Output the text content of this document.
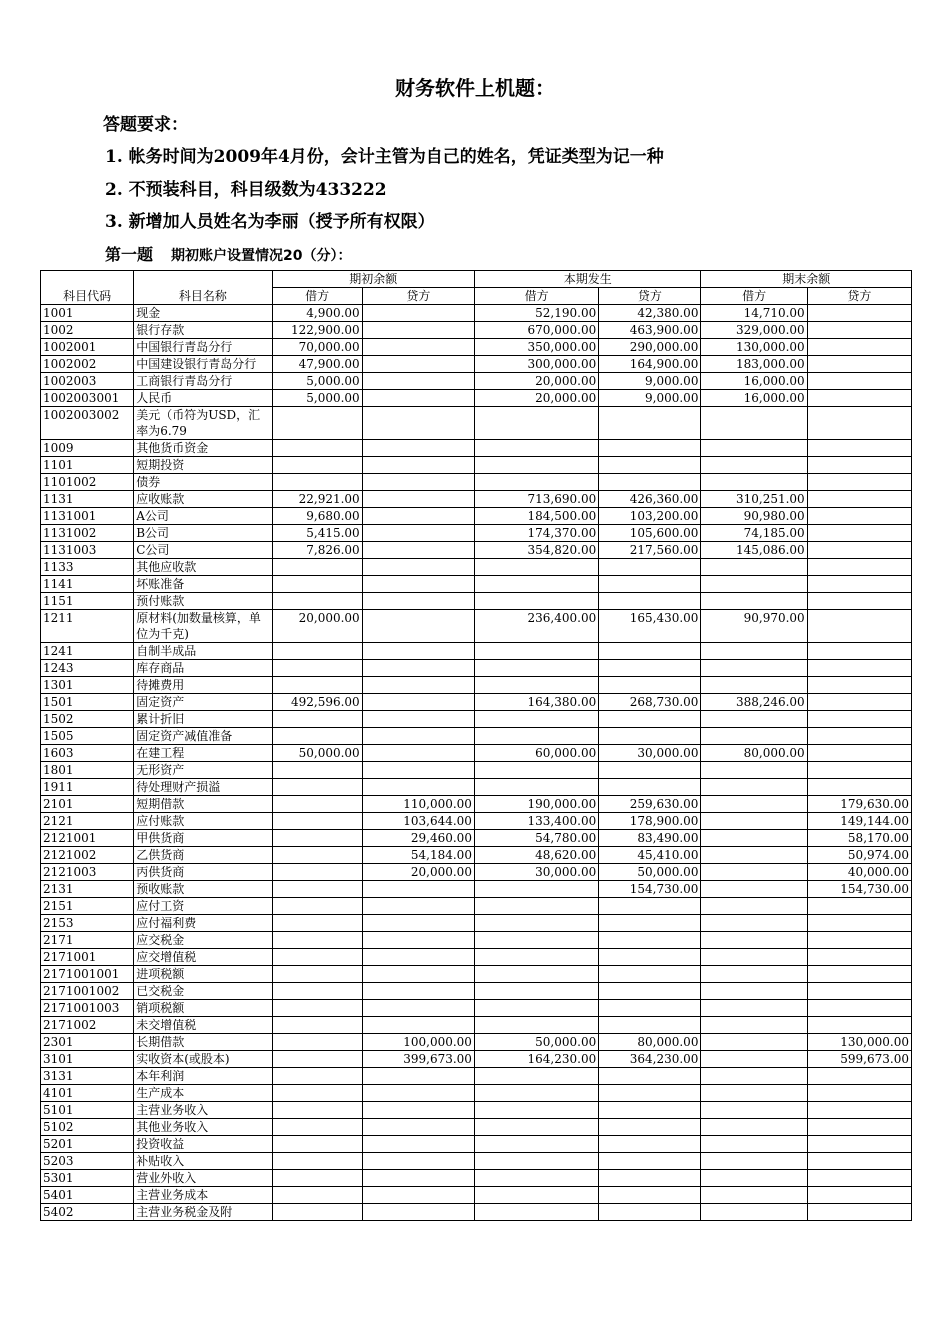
财务软件上机题：
答题要求：
1. 帐务时间为2009年4月份，会计主管为自己的姓名，凭证类型为记一种
2. 不预装科目，科目级数为433222
3. 新增加人员姓名为李丽（授予所有权限）
第一题 期初账户设置情况20（分）：
科目代码	科目名称	期初余额		本期发生		期末余额	
		借方	贷方	借方	贷方	借方	贷方
1001	现金	4,900.00		52,190.00	42,380.00	14,710.00	
1002	银行存款	122,900.00		670,000.00	463,900.00	329,000.00	
1002001	中国银行青岛分行	70,000.00		350,000.00	290,000.00	130,000.00	
1002002	中国建设银行青岛分行	47,900.00		300,000.00	164,900.00	183,000.00	
1002003	工商银行青岛分行	5,000.00		20,000.00	9,000.00	16,000.00	
1002003001	人民币	5,000.00		20,000.00	9,000.00	16,000.00	
1002003002	美元（币符为USD，汇率为6.79						
1009	其他货币资金						
1101	短期投资						
1101002	债券						
1131	应收账款	22,921.00		713,690.00	426,360.00	310,251.00	
1131001	A公司	9,680.00		184,500.00	103,200.00	90,980.00	
1131002	B公司	5,415.00		174,370.00	105,600.00	74,185.00	
1131003	C公司	7,826.00		354,820.00	217,560.00	145,086.00	
1133	其他应收款						
1141	坏账准备						
1151	预付账款						
1211	原材料(加数量核算，单位为千克)	20,000.00		236,400.00	165,430.00	90,970.00	
1241	自制半成品						
1243	库存商品						
1301	待摊费用						
1501	固定资产	492,596.00		164,380.00	268,730.00	388,246.00	
1502	累计折旧						
1505	固定资产减值准备						
1603	在建工程	50,000.00		60,000.00	30,000.00	80,000.00	
1801	无形资产						
1911	待处理财产损溢						
2101	短期借款		110,000.00	190,000.00	259,630.00		179,630.00
2121	应付账款		103,644.00	133,400.00	178,900.00		149,144.00
2121001	甲供货商		29,460.00	54,780.00	83,490.00		58,170.00
2121002	乙供货商		54,184.00	48,620.00	45,410.00		50,974.00
2121003	丙供货商		20,000.00	30,000.00	50,000.00		40,000.00
2131	预收账款				154,730.00		154,730.00
2151	应付工资						
2153	应付福利费						
2171	应交税金						
2171001	应交增值税						
2171001001	进项税额						
2171001002	已交税金						
2171001003	销项税额						
2171002	未交增值税						
2301	长期借款		100,000.00	50,000.00	80,000.00		130,000.00
3101	实收资本(或股本)		399,673.00	164,230.00	364,230.00		599,673.00
3131	本年利润						
4101	生产成本						
5101	主营业务收入						
5102	其他业务收入						
5201	投资收益						
5203	补贴收入						
5301	营业外收入						
5401	主营业务成本						
5402	主营业务税金及附						
